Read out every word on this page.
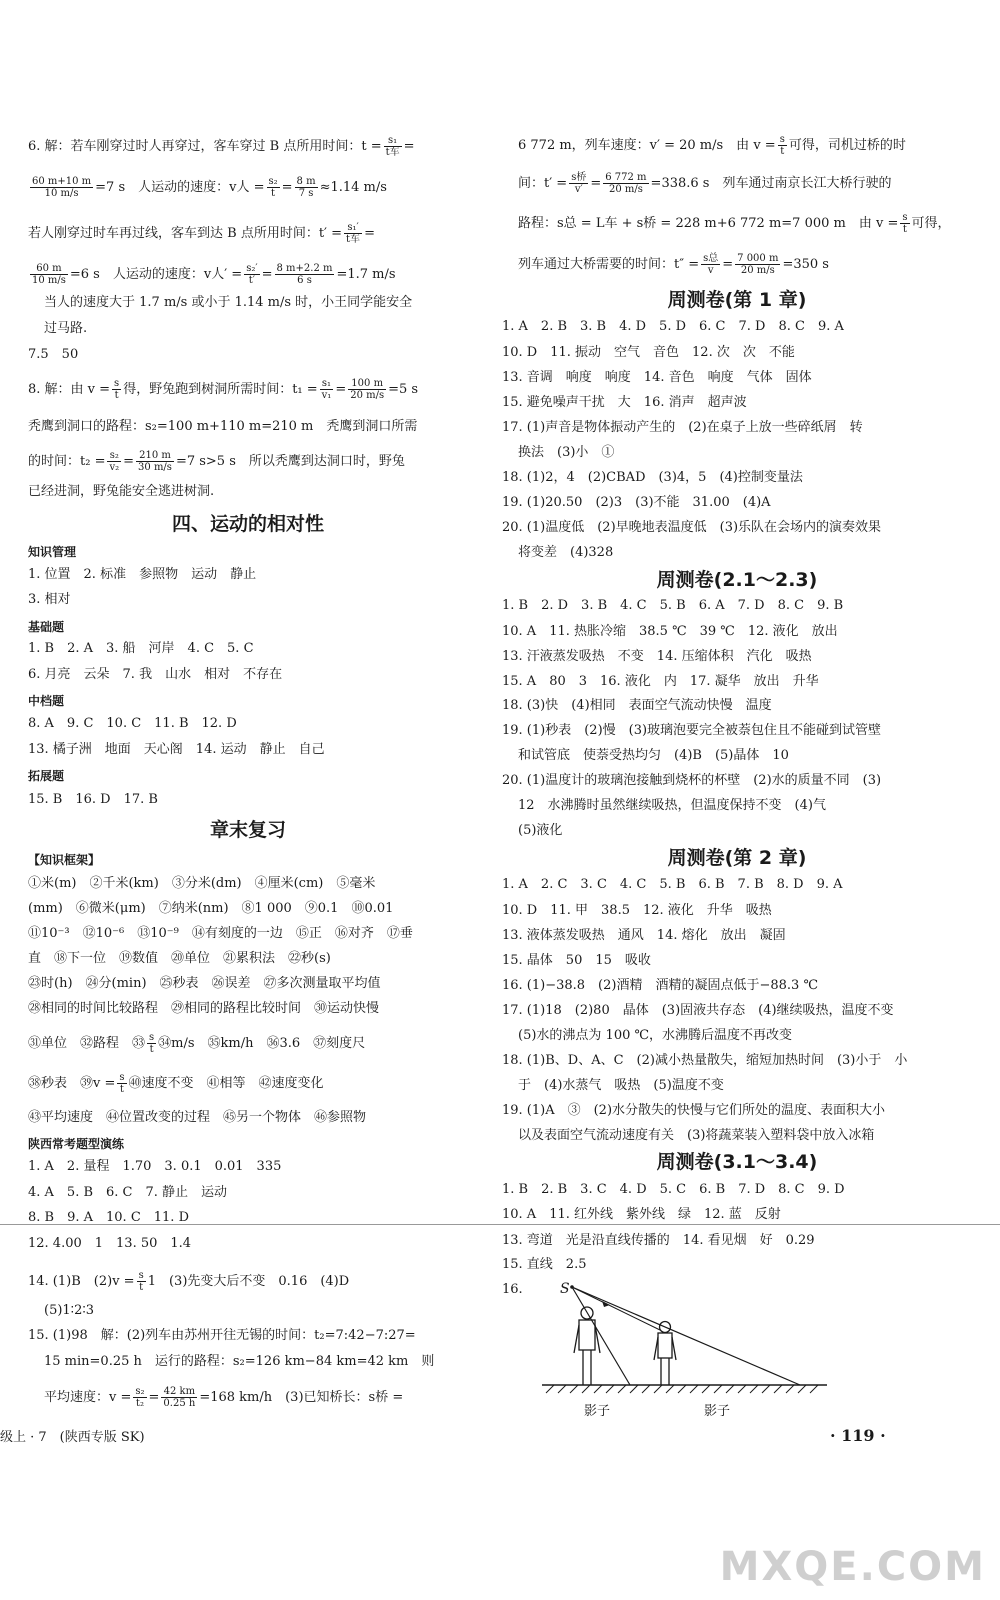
6. 解：若车刚穿过时人再穿过，客车穿过 B 点所用时间：$t = \frac{\text{s₁}}{\text{t车}}$ =
$\frac{60 m+10 m}{10 m/s} =7$ s　人运动的速度：v人 = $\frac{\text{s₂}}{t} = \frac{8 m}{7 s} \approx 1.14$ m/s
若人刚穿过时车再过线，客车到达 B 点所用时间：$t' = \frac{\text{s₁′}}{\text{t车}}$ =
$\frac{60 m}{10 m/s} =6$ s　人运动的速度：v人′ = $\frac{\text{s₂′}}{t'} = \frac{8 m+2.2 m}{6 s} =1.7$ m/s
当人的速度大于 1.7 m/s 或小于 1.14 m/s 时，小王同学能安全
过马路.
7.5　50
8. 解：由 $v = \frac{s}{t}$ 得，野兔跑到树洞所需时间：$t_1 = \frac{\text{s₁}}{\text{v₁}} = \frac{100 m}{20 m/s} =5$ s
秃鹰到洞口的路程：s₂=100 m+110 m=210 m　秃鹰到洞口所需
的时间：$t_2 = \frac{\text{s₂}}{\text{v₂}} = \frac{210 m}{30 m/s} =7$ s>5 s　所以秃鹰到达洞口时，野兔
已经进洞，野兔能安全逃进树洞.
四、运动的相对性
知识管理
1. 位置　2. 标准　参照物　运动　静止
3. 相对
基础题
1. B　2. A　3. 船　河岸　4. C　5. C
6. 月亮　云朵　7. 我　山水　相对　不存在
中档题
8. A　9. C　10. C　11. B　12. D
13. 橘子洲　地面　天心阁　14. 运动　静止　自己
拓展题
15. B　16. D　17. B
章末复习
【知识框架】
①米(m)　②千米(km)　③分米(dm)　④厘米(cm)　⑤毫米
(mm)　⑥微米(μm)　⑦纳米(nm)　⑧1 000　⑨0.1　⑩0.01
⑪10⁻³　⑫10⁻⁶　⑬10⁻⁹　⑭有刻度的一边　⑮正　⑯对齐　⑰垂
直　⑱下一位　⑲数值　⑳单位　㉑累积法　㉒秒(s)
㉓时(h)　㉔分(min)　㉕秒表　㉖误差　㉗多次测量取平均值
㉘相同的时间比较路程　㉙相同的路程比较时间　㉚运动快慢
㉛单位　㉜路程　㉝ $\frac{s}{t}$ ㉞m/s　㉟km/h　㊱3.6　㊲刻度尺
㊳秒表　㊴v = $\frac{s}{t}$ ㊵速度不变　㊶相等　㊷速度变化
㊸平均速度　㊹位置改变的过程　㊺另一个物体　㊻参照物
陕西常考题型演练
1. A　2. 量程　1.70　3. 0.1　0.01　335
4. A　5. B　6. C　7. 静止　运动
8. B　9. A　10. C　11. D
12. 4.00　1　13. 50　1.4
14. (1)B　$(2)v = \frac{s}{t} 1$　(3)先变大后不变　0.16　(4)D
(5)1∶2∶3
15. (1)98　解：(2)列车由苏州开往无锡的时间：t₂=7:42−7:27=
15 min=0.25 h　运行的路程：s₂=126 km−84 km=42 km　则
平均速度：$v = \frac{\text{s₂}}{\text{t₂}} = \frac{42 km}{0.25 h} =168$ km/h　(3)已知桥长：s桥 =
6 772 m，列车速度：v′ = 20 m/s　由 $v = \frac{s}{t}$ 可得，司机过桥的时
间：$t' = \frac{\text{s桥}}{v'} = \frac{6 772 m}{20 m/s} =338.6$ s　列车通过南京长江大桥行驶的
路程：s总 = L车 + s桥 = 228 m+6 772 m=7 000 m　由 $v = \frac{s}{t}$ 可得，
列车通过大桥需要的时间：$t'' = \frac{\text{s总}}{v} = \frac{7 000 m}{20 m/s} =350$ s
周测卷(第 1 章)
1. A　2. B　3. B　4. D　5. D　6. C　7. D　8. C　9. A
10. D　11. 振动　空气　音色　12. 次　次　不能
13. 音调　响度　响度　14. 音色　响度　气体　固体
15. 避免噪声干扰　大　16. 消声　超声波
17. (1)声音是物体振动产生的　(2)在桌子上放一些碎纸屑　转
换法　(3)小　①
18. (1)2，4　(2)CBAD　(3)4，5　(4)控制变量法
19. (1)20.50　(2)3　(3)不能　31.00　(4)A
20. (1)温度低　(2)早晚地表温度低　(3)乐队在会场内的演奏效果
将变差　(4)328
周测卷(2.1～2.3)
1. B　2. D　3. B　4. C　5. B　6. A　7. D　8. C　9. B
10. A　11. 热胀冷缩　38.5 ℃　39 ℃　12. 液化　放出
13. 汗液蒸发吸热　不变　14. 压缩体积　汽化　吸热
15. A　80　3　16. 液化　内　17. 凝华　放出　升华
18. (3)快　(4)相同　表面空气流动快慢　温度
19. (1)秒表　(2)慢　(3)玻璃泡要完全被萘包住且不能碰到试管壁
和试管底　使萘受热均匀　(4)B　(5)晶体　10
20. (1)温度计的玻璃泡接触到烧杯的杯壁　(2)水的质量不同　(3)
12　水沸腾时虽然继续吸热，但温度保持不变　(4)气
(5)液化
周测卷(第 2 章)
1. A　2. C　3. C　4. C　5. B　6. B　7. B　8. D　9. A
10. D　11. 甲　38.5　12. 液化　升华　吸热
13. 液体蒸发吸热　通风　14. 熔化　放出　凝固
15. 晶体　50　15　吸收
16. (1)−38.8　(2)酒精　酒精的凝固点低于−88.3 ℃
17. (1)18　(2)80　晶体　(3)固液共存态　(4)继续吸热，温度不变
(5)水的沸点为 100 ℃，水沸腾后温度不再改变
18. (1)B、D、A、C　(2)减小热量散失，缩短加热时间　(3)小于　小
于　(4)水蒸气　吸热　(5)温度不变
19. (1)A　③　(2)水分散失的快慢与它们所处的温度、表面积大小
以及表面空气流动速度有关　(3)将蔬菜装入塑料袋中放入冰箱
周测卷(3.1～3.4)
1. B　2. B　3. C　4. D　5. C　6. B　7. D　8. C　9. D
10. A　11. 红外线　紫外线　绿　12. 蓝　反射
13. 弯道　光是沿直线传播的　14. 看见烟　好　0.29
15. 直线　2.5
16.	S
影子	影子
级上 · 7　(陕西专版 SK)	· 119 ·
MXQE.COM
